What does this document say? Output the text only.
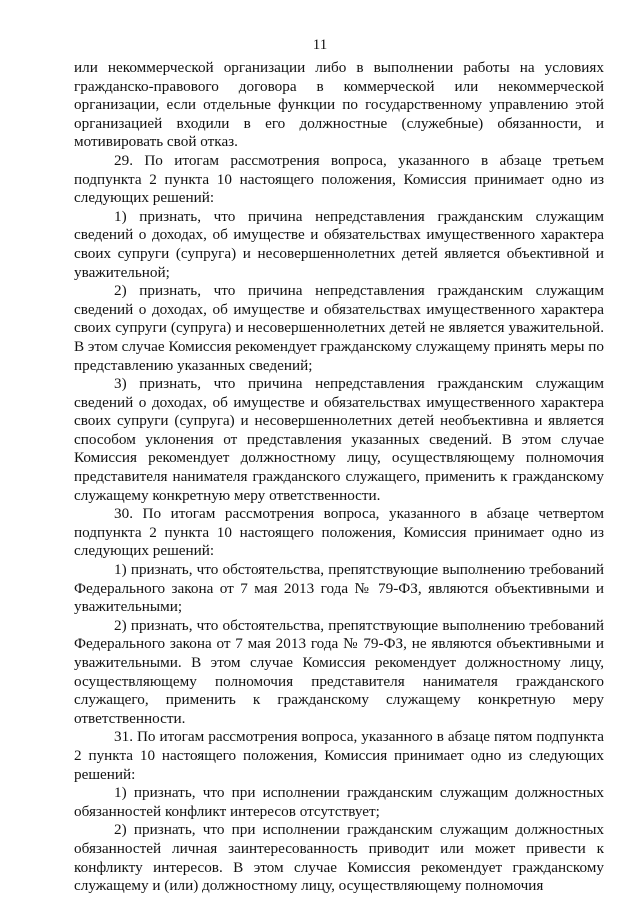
11

или некоммерческой организации либо в выполнении работы на условиях гражданско-правового договора в коммерческой или некоммерческой организации, если отдельные функции по государственному управлению этой организацией входили в его должностные (служебные) обязанности, и мотивировать свой отказ.

29. По итогам рассмотрения вопроса, указанного в абзаце третьем подпункта 2 пункта 10 настоящего положения, Комиссия принимает одно из следующих решений:

1) признать, что причина непредставления гражданским служащим сведений о доходах, об имуществе и обязательствах имущественного характера своих супруги (супруга) и несовершеннолетних детей является объективной и уважительной;

2) признать, что причина непредставления гражданским служащим сведений о доходах, об имуществе и обязательствах имущественного характера своих супруги (супруга) и несовершеннолетних детей не является уважительной. В этом случае Комиссия рекомендует гражданскому служащему принять меры по представлению указанных сведений;

3) признать, что причина непредставления гражданским служащим сведений о доходах, об имуществе и обязательствах имущественного характера своих супруги (супруга) и несовершеннолетних детей необъективна и является способом уклонения от представления указанных сведений. В этом случае Комиссия рекомендует должностному лицу, осуществляющему полномочия представителя нанимателя гражданского служащего, применить к гражданскому служащему конкретную меру ответственности.

30. По итогам рассмотрения вопроса, указанного в абзаце четвертом подпункта 2 пункта 10 настоящего положения, Комиссия принимает одно из следующих решений:

1) признать, что обстоятельства, препятствующие выполнению требований Федерального закона от 7 мая 2013 года № 79-ФЗ, являются объективными и уважительными;

2) признать, что обстоятельства, препятствующие выполнению требований Федерального закона от 7 мая 2013 года № 79-ФЗ, не являются объективными и уважительными. В этом случае Комиссия рекомендует должностному лицу, осуществляющему полномочия представителя нанимателя гражданского служащего, применить к гражданскому служащему конкретную меру ответственности.

31. По итогам рассмотрения вопроса, указанного в абзаце пятом подпункта 2 пункта 10 настоящего положения, Комиссия принимает одно из следующих решений:

1) признать, что при исполнении гражданским служащим должностных обязанностей конфликт интересов отсутствует;

2) признать, что при исполнении гражданским служащим должностных обязанностей личная заинтересованность приводит или может привести к конфликту интересов. В этом случае Комиссия рекомендует гражданскому служащему и (или) должностному лицу, осуществляющему полномочия
